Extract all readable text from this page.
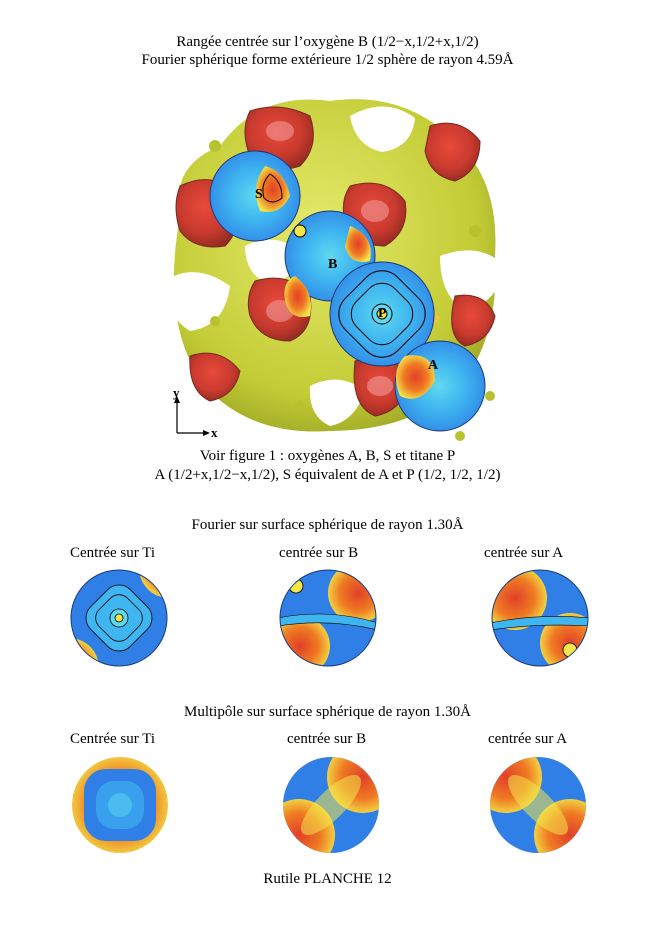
Rangée centrée sur l’oxygène B (1/2−x,1/2+x,1/2)
Fourier sphérique forme extérieure 1/2 sphère de rayon 4.59Å
S
B
P
A
y
x
Voir figure 1 : oxygènes A, B, S et titane P
A (1/2+x,1/2−x,1/2), S équivalent de A et P (1/2, 1/2, 1/2)
Fourier sur surface sphérique de rayon 1.30Å
Centrée sur Ti	centrée sur B	centrée sur A
Multipôle sur surface sphérique de rayon 1.30Å
Centrée sur Ti	centrée sur B	centrée sur A
Rutile PLANCHE 12
